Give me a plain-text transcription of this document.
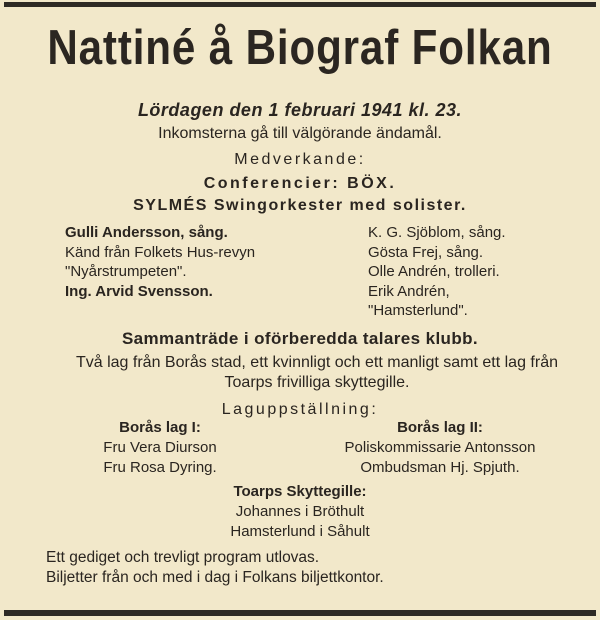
Nattiné å Biograf Folkan
Lördagen den 1 februari 1941 kl. 23.
Inkomsterna gå till välgörande ändamål.
Medverkande:
Conferencier: BÖX.
SYLMÉS Swingorkester med solister.
Gulli Andersson, sång.
Känd från Folkets Hus-revyn
"Nyårstrumpeten".
Ing. Arvid Svensson.
K. G. Sjöblom, sång.
Gösta Frej, sång.
Olle Andrén, trolleri.
Erik Andrén,
"Hamsterlund".
Sammanträde i oförberedda talares klubb.
Två lag från Borås stad, ett kvinnligt och ett manligt samt ett lag från Toarps frivilliga skyttegille.
Laguppställning:
Borås lag I:
Fru Vera Diurson
Fru Rosa Dyring.
Borås lag II:
Poliskommissarie Antonsson
Ombudsman Hj. Spjuth.
Toarps Skyttegille:
Johannes i Bröthult
Hamsterlund i Såhult
Ett gediget och trevligt program utlovas.
Biljetter från och med i dag i Folkans biljettkontor.
